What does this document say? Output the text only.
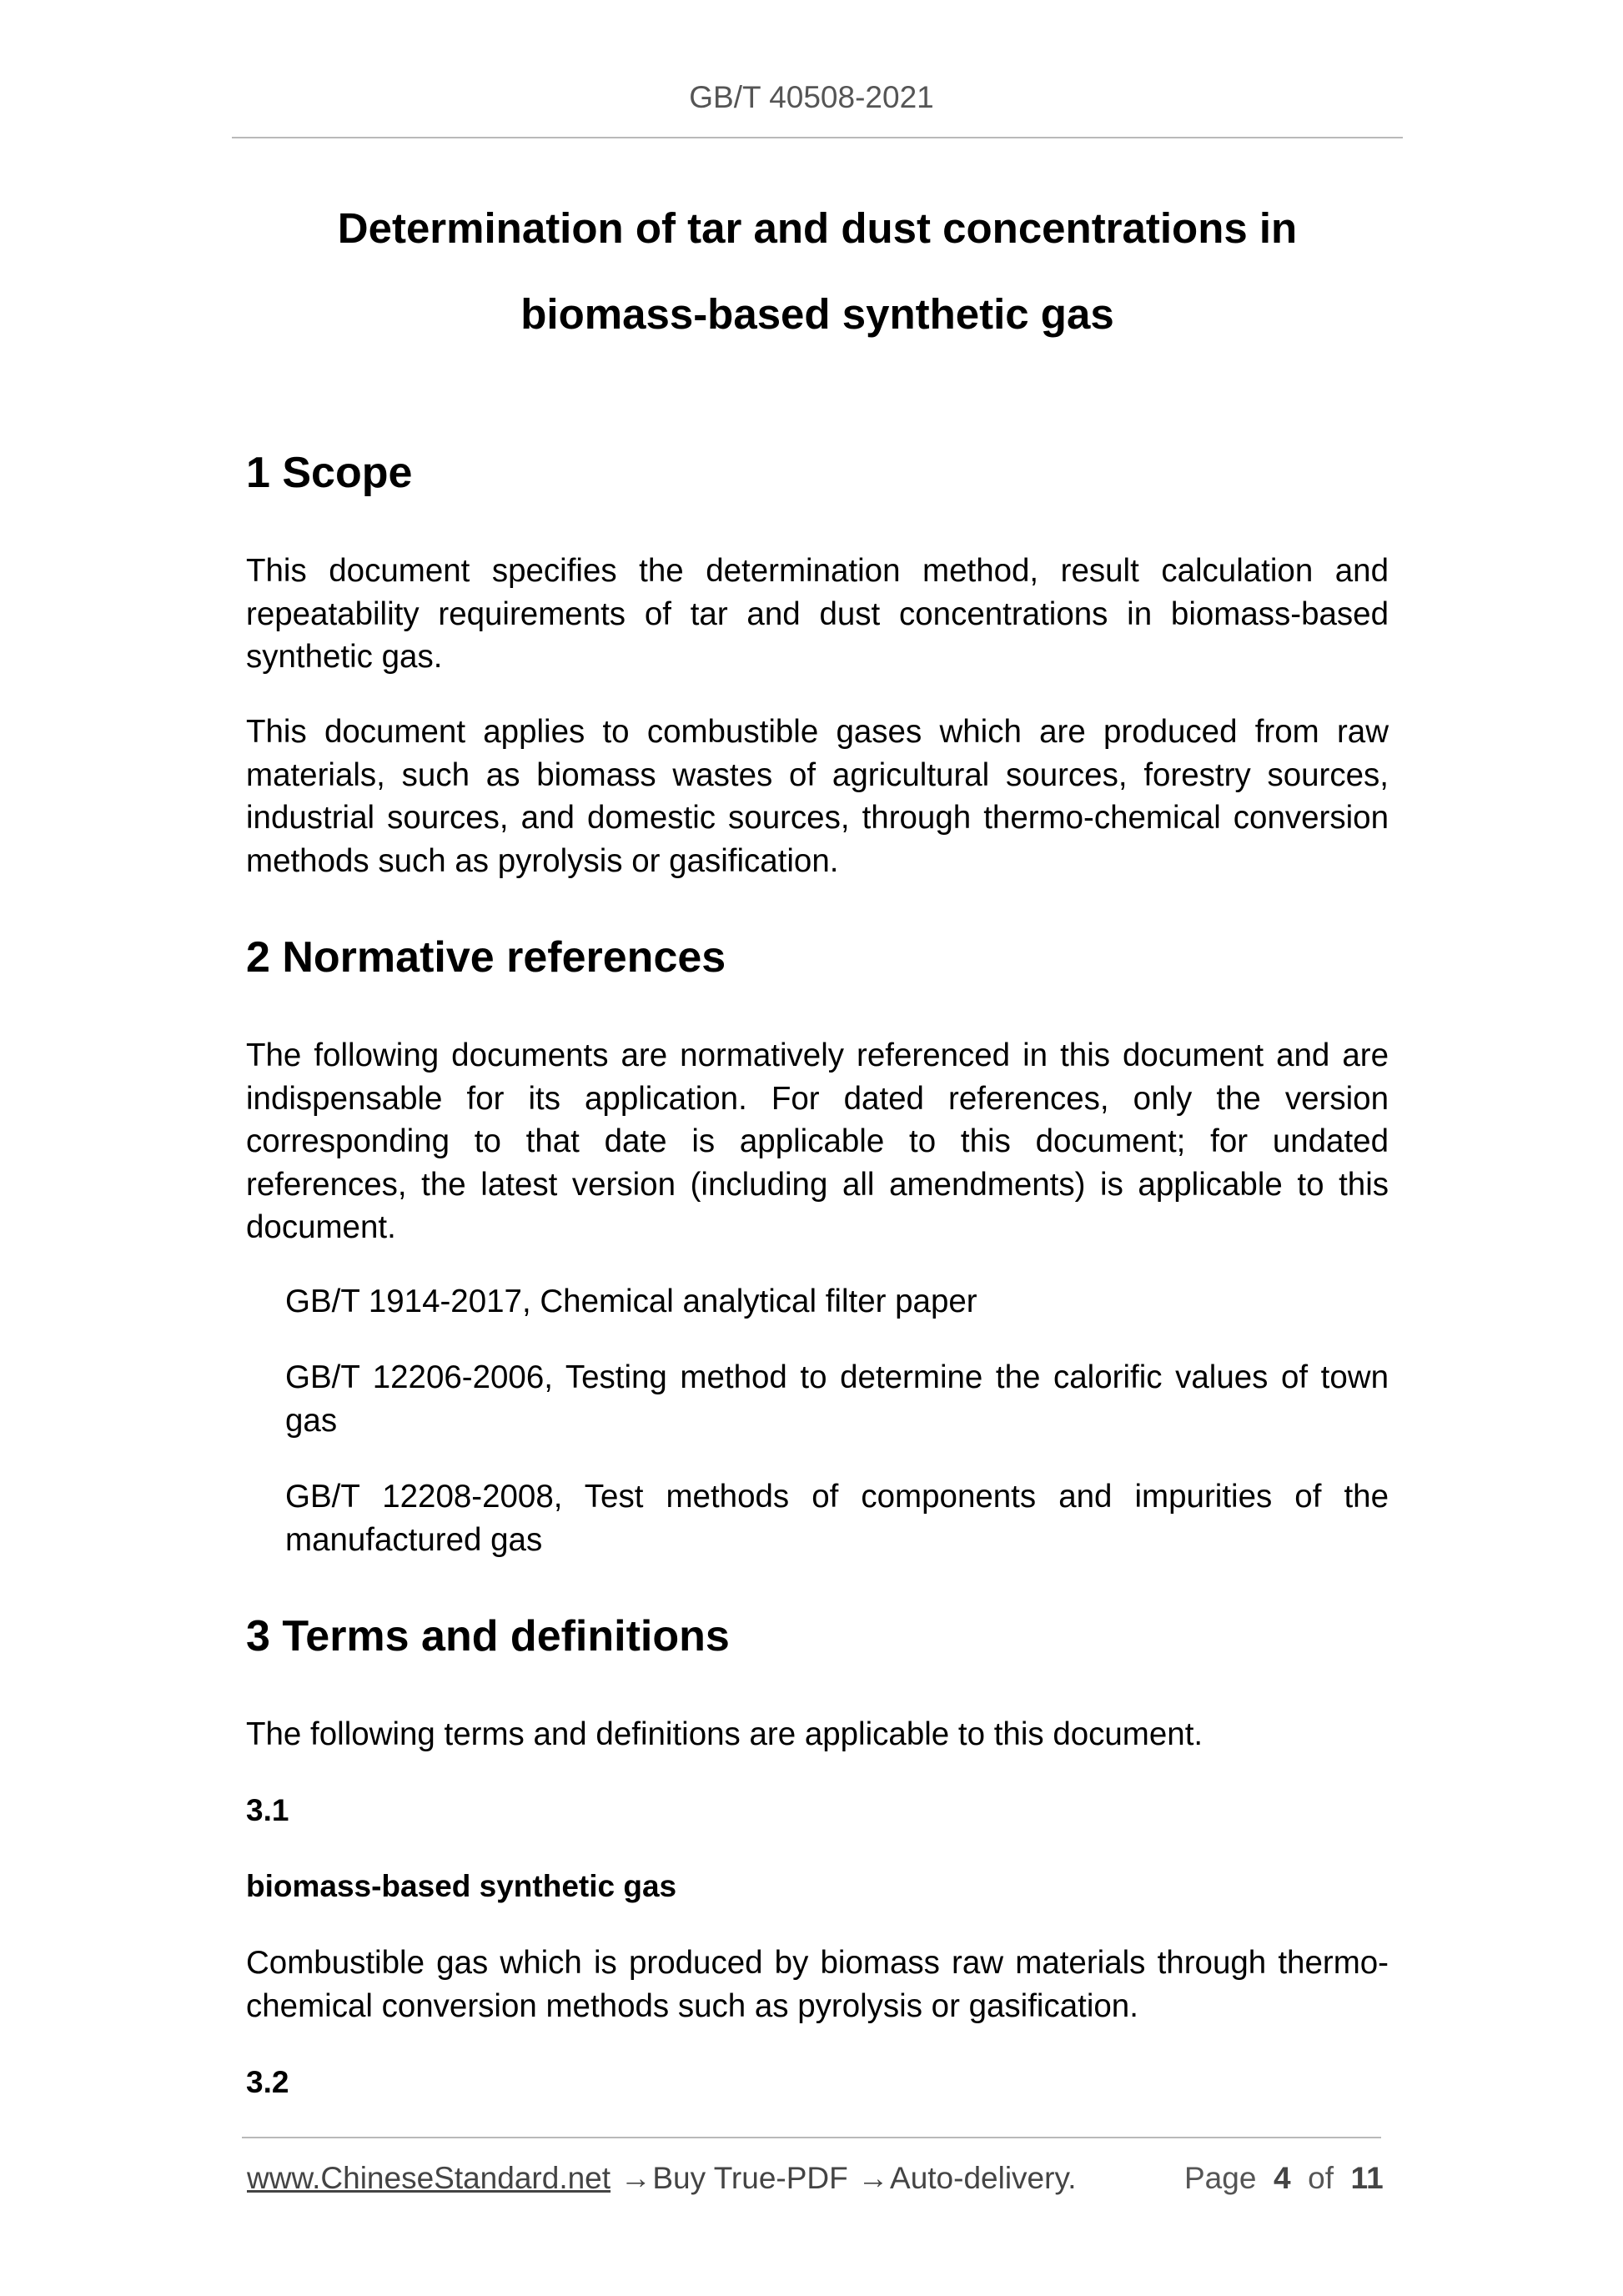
GB/T 40508-2021
Determination of tar and dust concentrations in
biomass-based synthetic gas
1 Scope

This document specifies the determination method, result calculation and repeatability requirements of tar and dust concentrations in biomass-based synthetic gas.

This document applies to combustible gases which are produced from raw materials, such as biomass wastes of agricultural sources, forestry sources, industrial sources, and domestic sources, through thermo-chemical conversion methods such as pyrolysis or gasification.

2 Normative references

The following documents are normatively referenced in this document and are indispensable for its application. For dated references, only the version corresponding to that date is applicable to this document; for undated references, the latest version (including all amendments) is applicable to this document.

GB/T 1914-2017, Chemical analytical filter paper

GB/T 12206-2006, Testing method to determine the calorific values of town gas

GB/T 12208-2008, Test methods of components and impurities of the manufactured gas

3 Terms and definitions

The following terms and definitions are applicable to this document.

3.1

biomass-based synthetic gas

Combustible gas which is produced by biomass raw materials through thermo-chemical conversion methods such as pyrolysis or gasification.

3.2

www.ChineseStandard.net →Buy True-PDF →Auto-delivery.	Page 4 of 11
